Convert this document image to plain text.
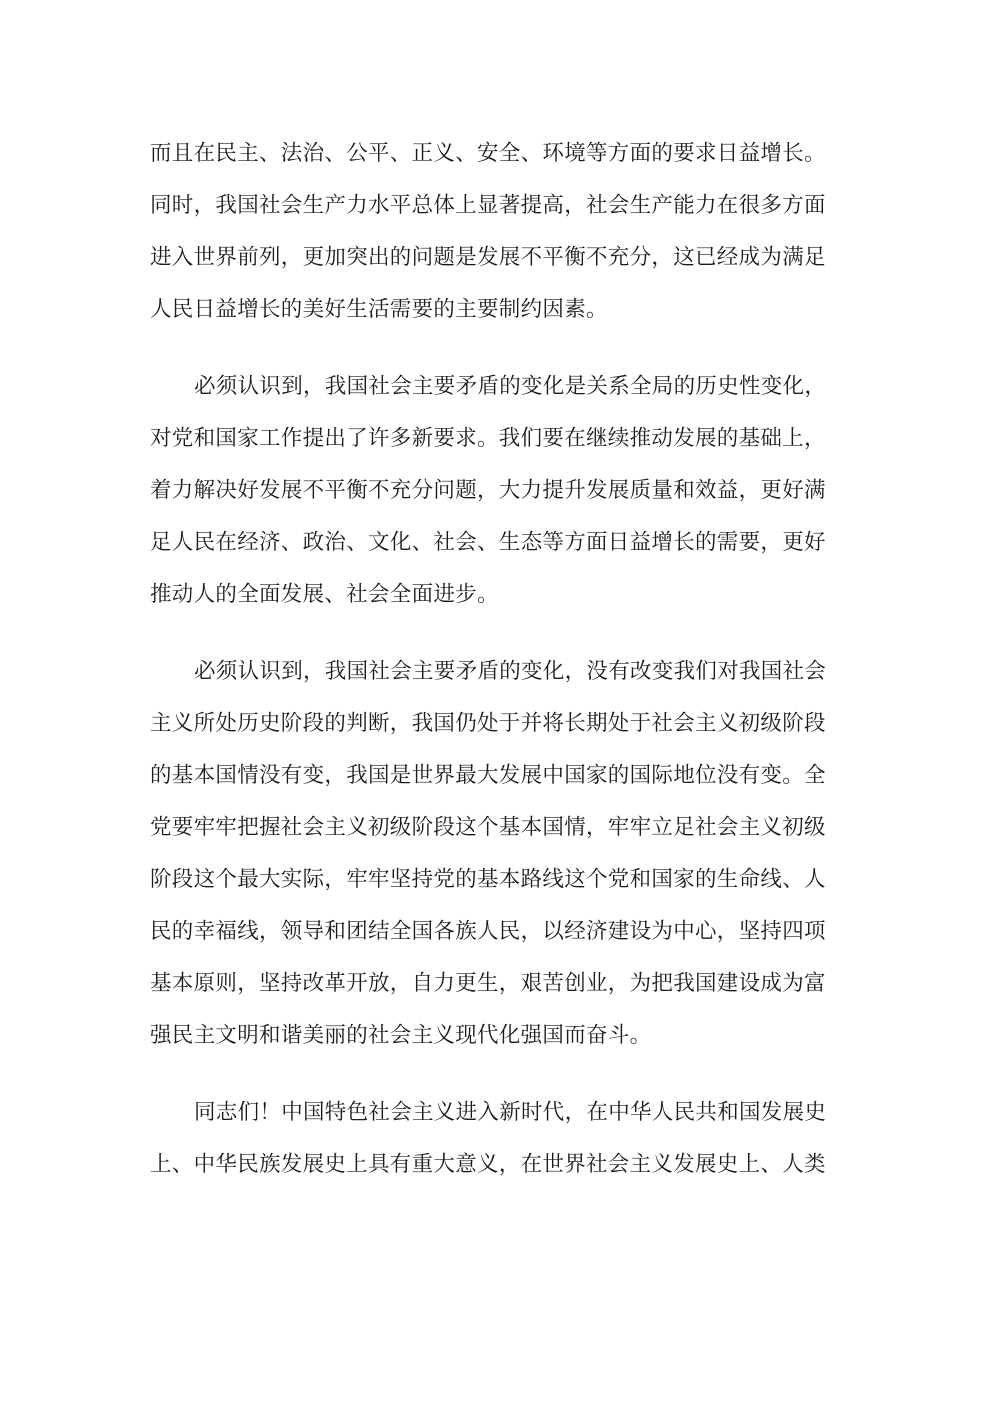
而且在民主、法治、公平、正义、安全、环境等方面的要求日益增长。
同时，我国社会生产力水平总体上显著提高，社会生产能力在很多方面
进入世界前列，更加突出的问题是发展不平衡不充分，这已经成为满足
人民日益增长的美好生活需要的主要制约因素。
必须认识到，我国社会主要矛盾的变化是关系全局的历史性变化，
对党和国家工作提出了许多新要求。我们要在继续推动发展的基础上，
着力解决好发展不平衡不充分问题，大力提升发展质量和效益，更好满
足人民在经济、政治、文化、社会、生态等方面日益增长的需要，更好
推动人的全面发展、社会全面进步。
必须认识到，我国社会主要矛盾的变化，没有改变我们对我国社会
主义所处历史阶段的判断，我国仍处于并将长期处于社会主义初级阶段
的基本国情没有变，我国是世界最大发展中国家的国际地位没有变。全
党要牢牢把握社会主义初级阶段这个基本国情，牢牢立足社会主义初级
阶段这个最大实际，牢牢坚持党的基本路线这个党和国家的生命线、人
民的幸福线，领导和团结全国各族人民，以经济建设为中心，坚持四项
基本原则，坚持改革开放，自力更生，艰苦创业，为把我国建设成为富
强民主文明和谐美丽的社会主义现代化强国而奋斗。
同志们！中国特色社会主义进入新时代，在中华人民共和国发展史
上、中华民族发展史上具有重大意义，在世界社会主义发展史上、人类
